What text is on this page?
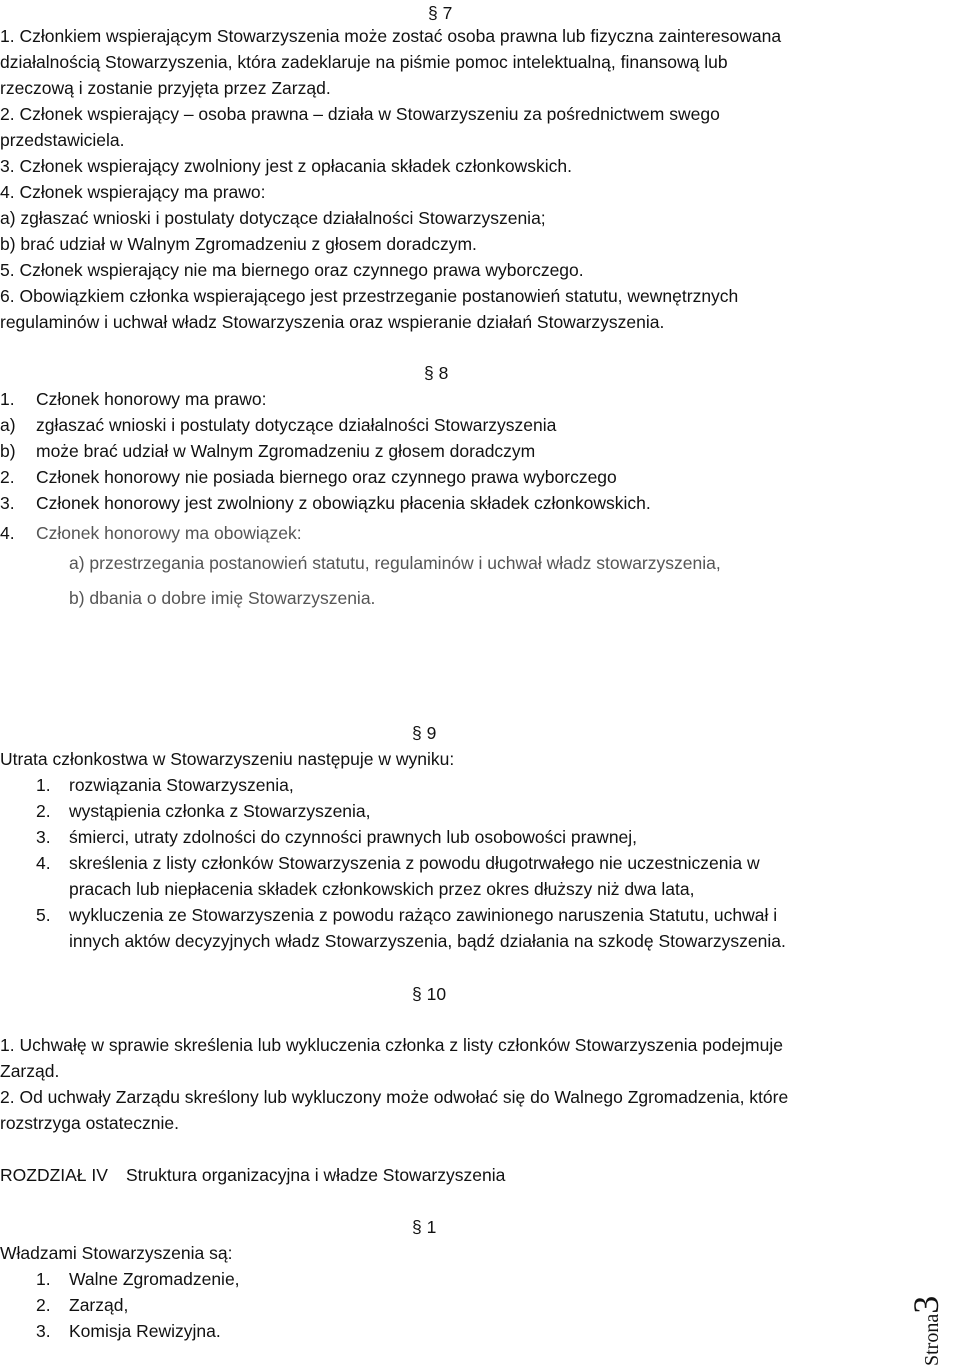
§ 7
1. Członkiem wspierającym Stowarzyszenia może zostać osoba prawna lub fizyczna zainteresowana
działalnością Stowarzyszenia, która zadeklaruje na piśmie pomoc intelektualną, finansową lub
rzeczową i zostanie przyjęta przez Zarząd.
2. Członek wspierający – osoba prawna – działa w Stowarzyszeniu za pośrednictwem swego
przedstawiciela.
3. Członek wspierający zwolniony jest z opłacania składek członkowskich.
4. Członek wspierający ma prawo:
a) zgłaszać wnioski i postulaty dotyczące działalności Stowarzyszenia;
b) brać udział w Walnym Zgromadzeniu z głosem doradczym.
5. Członek wspierający nie ma biernego oraz czynnego prawa wyborczego.
6. Obowiązkiem członka wspierającego jest przestrzeganie postanowień statutu, wewnętrznych
regulaminów i uchwał władz Stowarzyszenia oraz wspieranie działań Stowarzyszenia.
§ 8
1. Członek honorowy ma prawo:
a) zgłaszać wnioski i postulaty dotyczące działalności Stowarzyszenia
b) może brać udział w Walnym Zgromadzeniu z głosem doradczym
2. Członek honorowy nie posiada biernego oraz czynnego prawa wyborczego
3. Członek honorowy jest zwolniony z obowiązku płacenia składek członkowskich.
4. Członek honorowy ma obowiązek:
a) przestrzegania postanowień statutu, regulaminów i uchwał władz stowarzyszenia,
b) dbania o dobre imię Stowarzyszenia.
§ 9
Utrata członkostwa w Stowarzyszeniu następuje w wyniku:
1. rozwiązania Stowarzyszenia,
2. wystąpienia członka z Stowarzyszenia,
3. śmierci, utraty zdolności do czynności prawnych lub osobowości prawnej,
4. skreślenia z listy członków Stowarzyszenia z powodu długotrwałego nie uczestniczenia w
pracach lub niepłacenia składek członkowskich przez okres dłuższy niż dwa lata,
5. wykluczenia ze Stowarzyszenia z powodu rażąco zawinionego naruszenia Statutu, uchwał i
innych aktów decyzyjnych władz Stowarzyszenia, bądź działania na szkodę Stowarzyszenia.
§ 10
1. Uchwałę w sprawie skreślenia lub wykluczenia członka z listy członków Stowarzyszenia podejmuje
Zarząd.
2. Od uchwały Zarządu skreślony lub wykluczony może odwołać się do Walnego Zgromadzenia, które
rozstrzyga ostatecznie.
ROZDZIAŁ IV Struktura organizacyjna i władze Stowarzyszenia
§ 1
Władzami Stowarzyszenia są:
1. Walne Zgromadzenie,
2. Zarząd,
3. Komisja Rewizyjna.	Strona3
